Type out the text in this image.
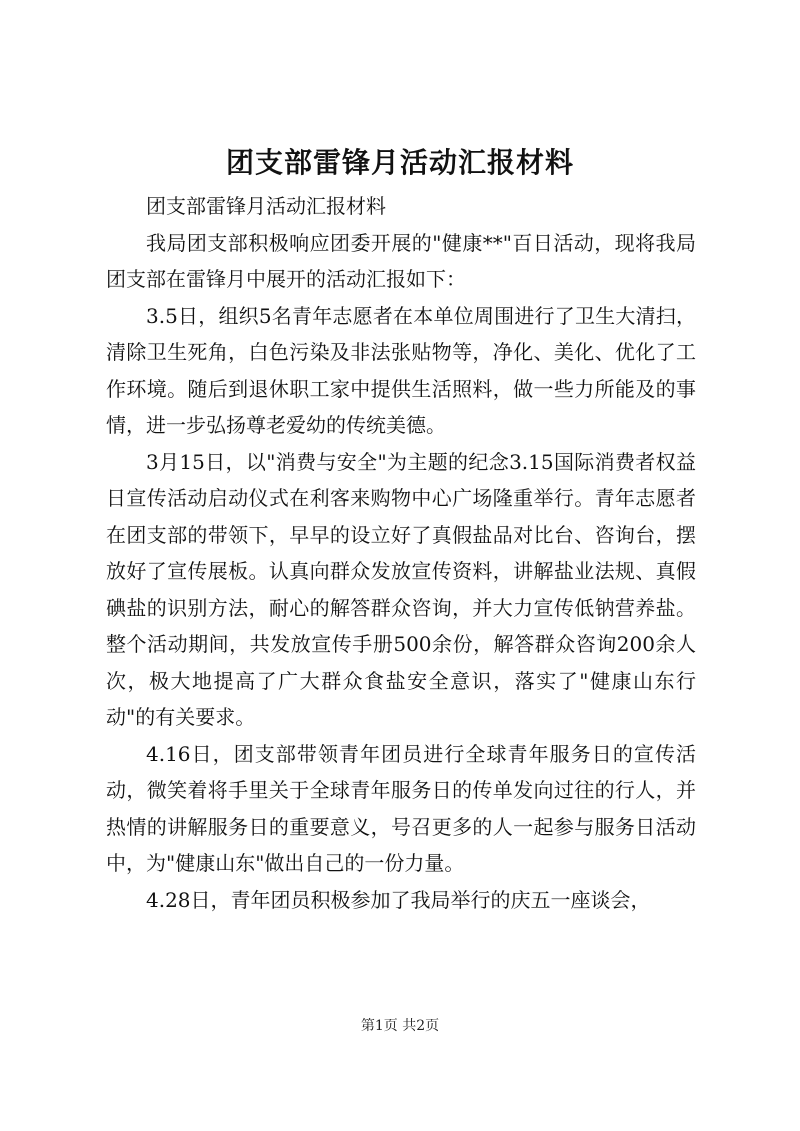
团支部雷锋月活动汇报材料

团支部雷锋月活动汇报材料

我局团支部积极响应团委开展的"健康**"百日活动，现将我局团支部在雷锋月中展开的活动汇报如下：

3.5日，组织5名青年志愿者在本单位周围进行了卫生大清扫，清除卫生死角，白色污染及非法张贴物等，净化、美化、优化了工作环境。随后到退休职工家中提供生活照料，做一些力所能及的事情，进一步弘扬尊老爱幼的传统美德。

3月15日，以"消费与安全"为主题的纪念3.15国际消费者权益日宣传活动启动仪式在利客来购物中心广场隆重举行。青年志愿者在团支部的带领下，早早的设立好了真假盐品对比台、咨询台，摆放好了宣传展板。认真向群众发放宣传资料，讲解盐业法规、真假碘盐的识别方法，耐心的解答群众咨询，并大力宣传低钠营养盐。整个活动期间，共发放宣传手册500余份，解答群众咨询200余人次，极大地提高了广大群众食盐安全意识，落实了"健康山东行动"的有关要求。

4.16日，团支部带领青年团员进行全球青年服务日的宣传活动，微笑着将手里关于全球青年服务日的传单发向过往的行人，并热情的讲解服务日的重要意义，号召更多的人一起参与服务日活动中，为"健康山东"做出自己的一份力量。

4.28日，青年团员积极参加了我局举行的庆五一座谈会，

第1页 共2页
